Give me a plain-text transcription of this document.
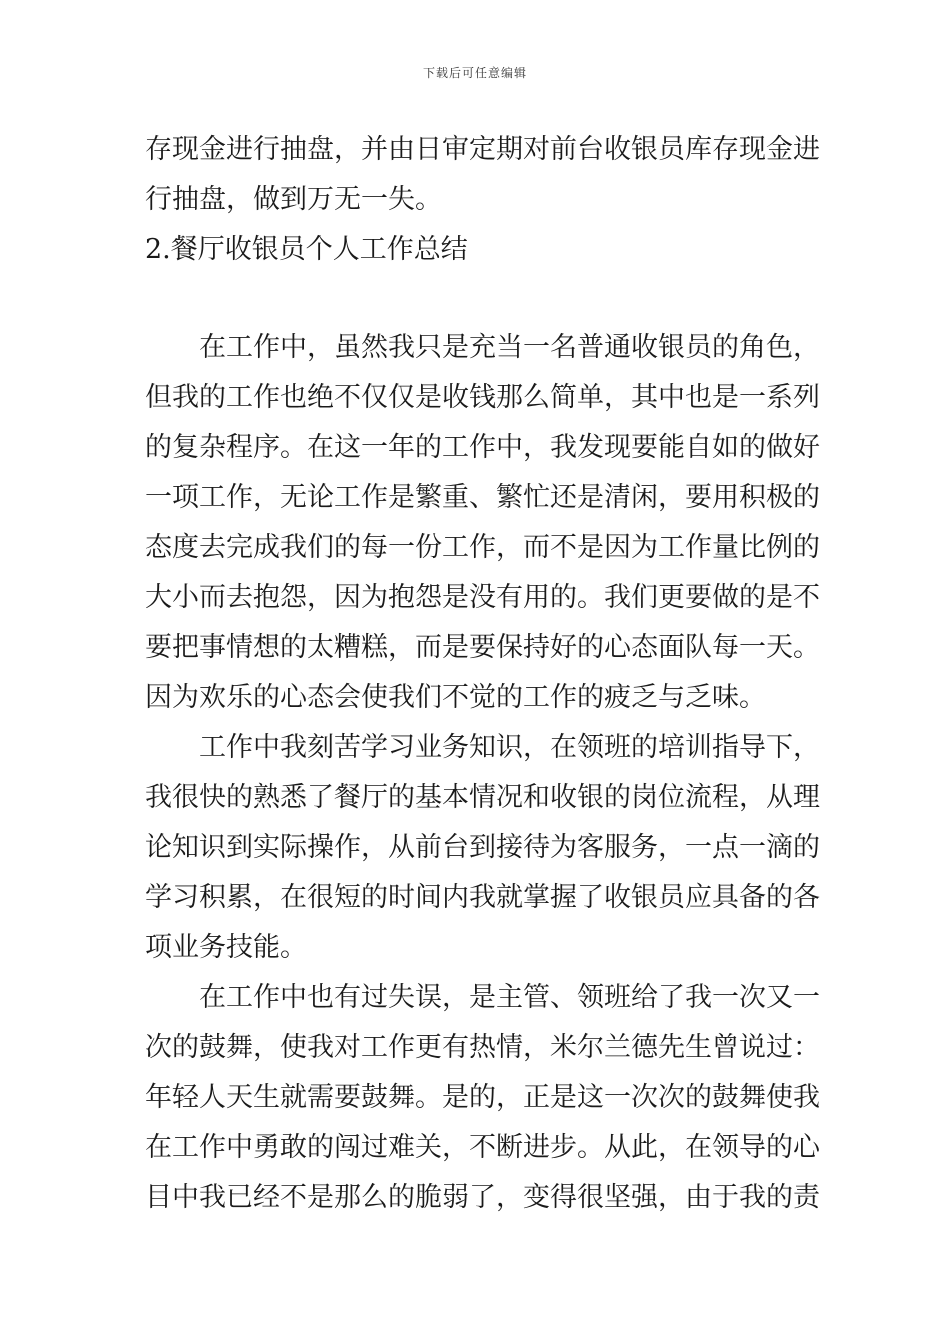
下载后可任意编辑
存现金进行抽盘，并由日审定期对前台收银员库存现金进
行抽盘，做到万无一失。
2.餐厅收银员个人工作总结
　　在工作中，虽然我只是充当一名普通收银员的角色，
但我的工作也绝不仅仅是收钱那么简单，其中也是一系列
的复杂程序。在这一年的工作中，我发现要能自如的做好
一项工作，无论工作是繁重、繁忙还是清闲，要用积极的
态度去完成我们的每一份工作，而不是因为工作量比例的
大小而去抱怨，因为抱怨是没有用的。我们更要做的是不
要把事情想的太糟糕，而是要保持好的心态面队每一天。
因为欢乐的心态会使我们不觉的工作的疲乏与乏味。
　　工作中我刻苦学习业务知识，在领班的培训指导下，
我很快的熟悉了餐厅的基本情况和收银的岗位流程，从理
论知识到实际操作，从前台到接待为客服务，一点一滴的
学习积累，在很短的时间内我就掌握了收银员应具备的各
项业务技能。
　　在工作中也有过失误，是主管、领班给了我一次又一
次的鼓舞，使我对工作更有热情，米尔兰德先生曾说过：
年轻人天生就需要鼓舞。是的，正是这一次次的鼓舞使我
在工作中勇敢的闯过难关，不断进步。从此，在领导的心
目中我已经不是那么的脆弱了，变得很坚强，由于我的责
